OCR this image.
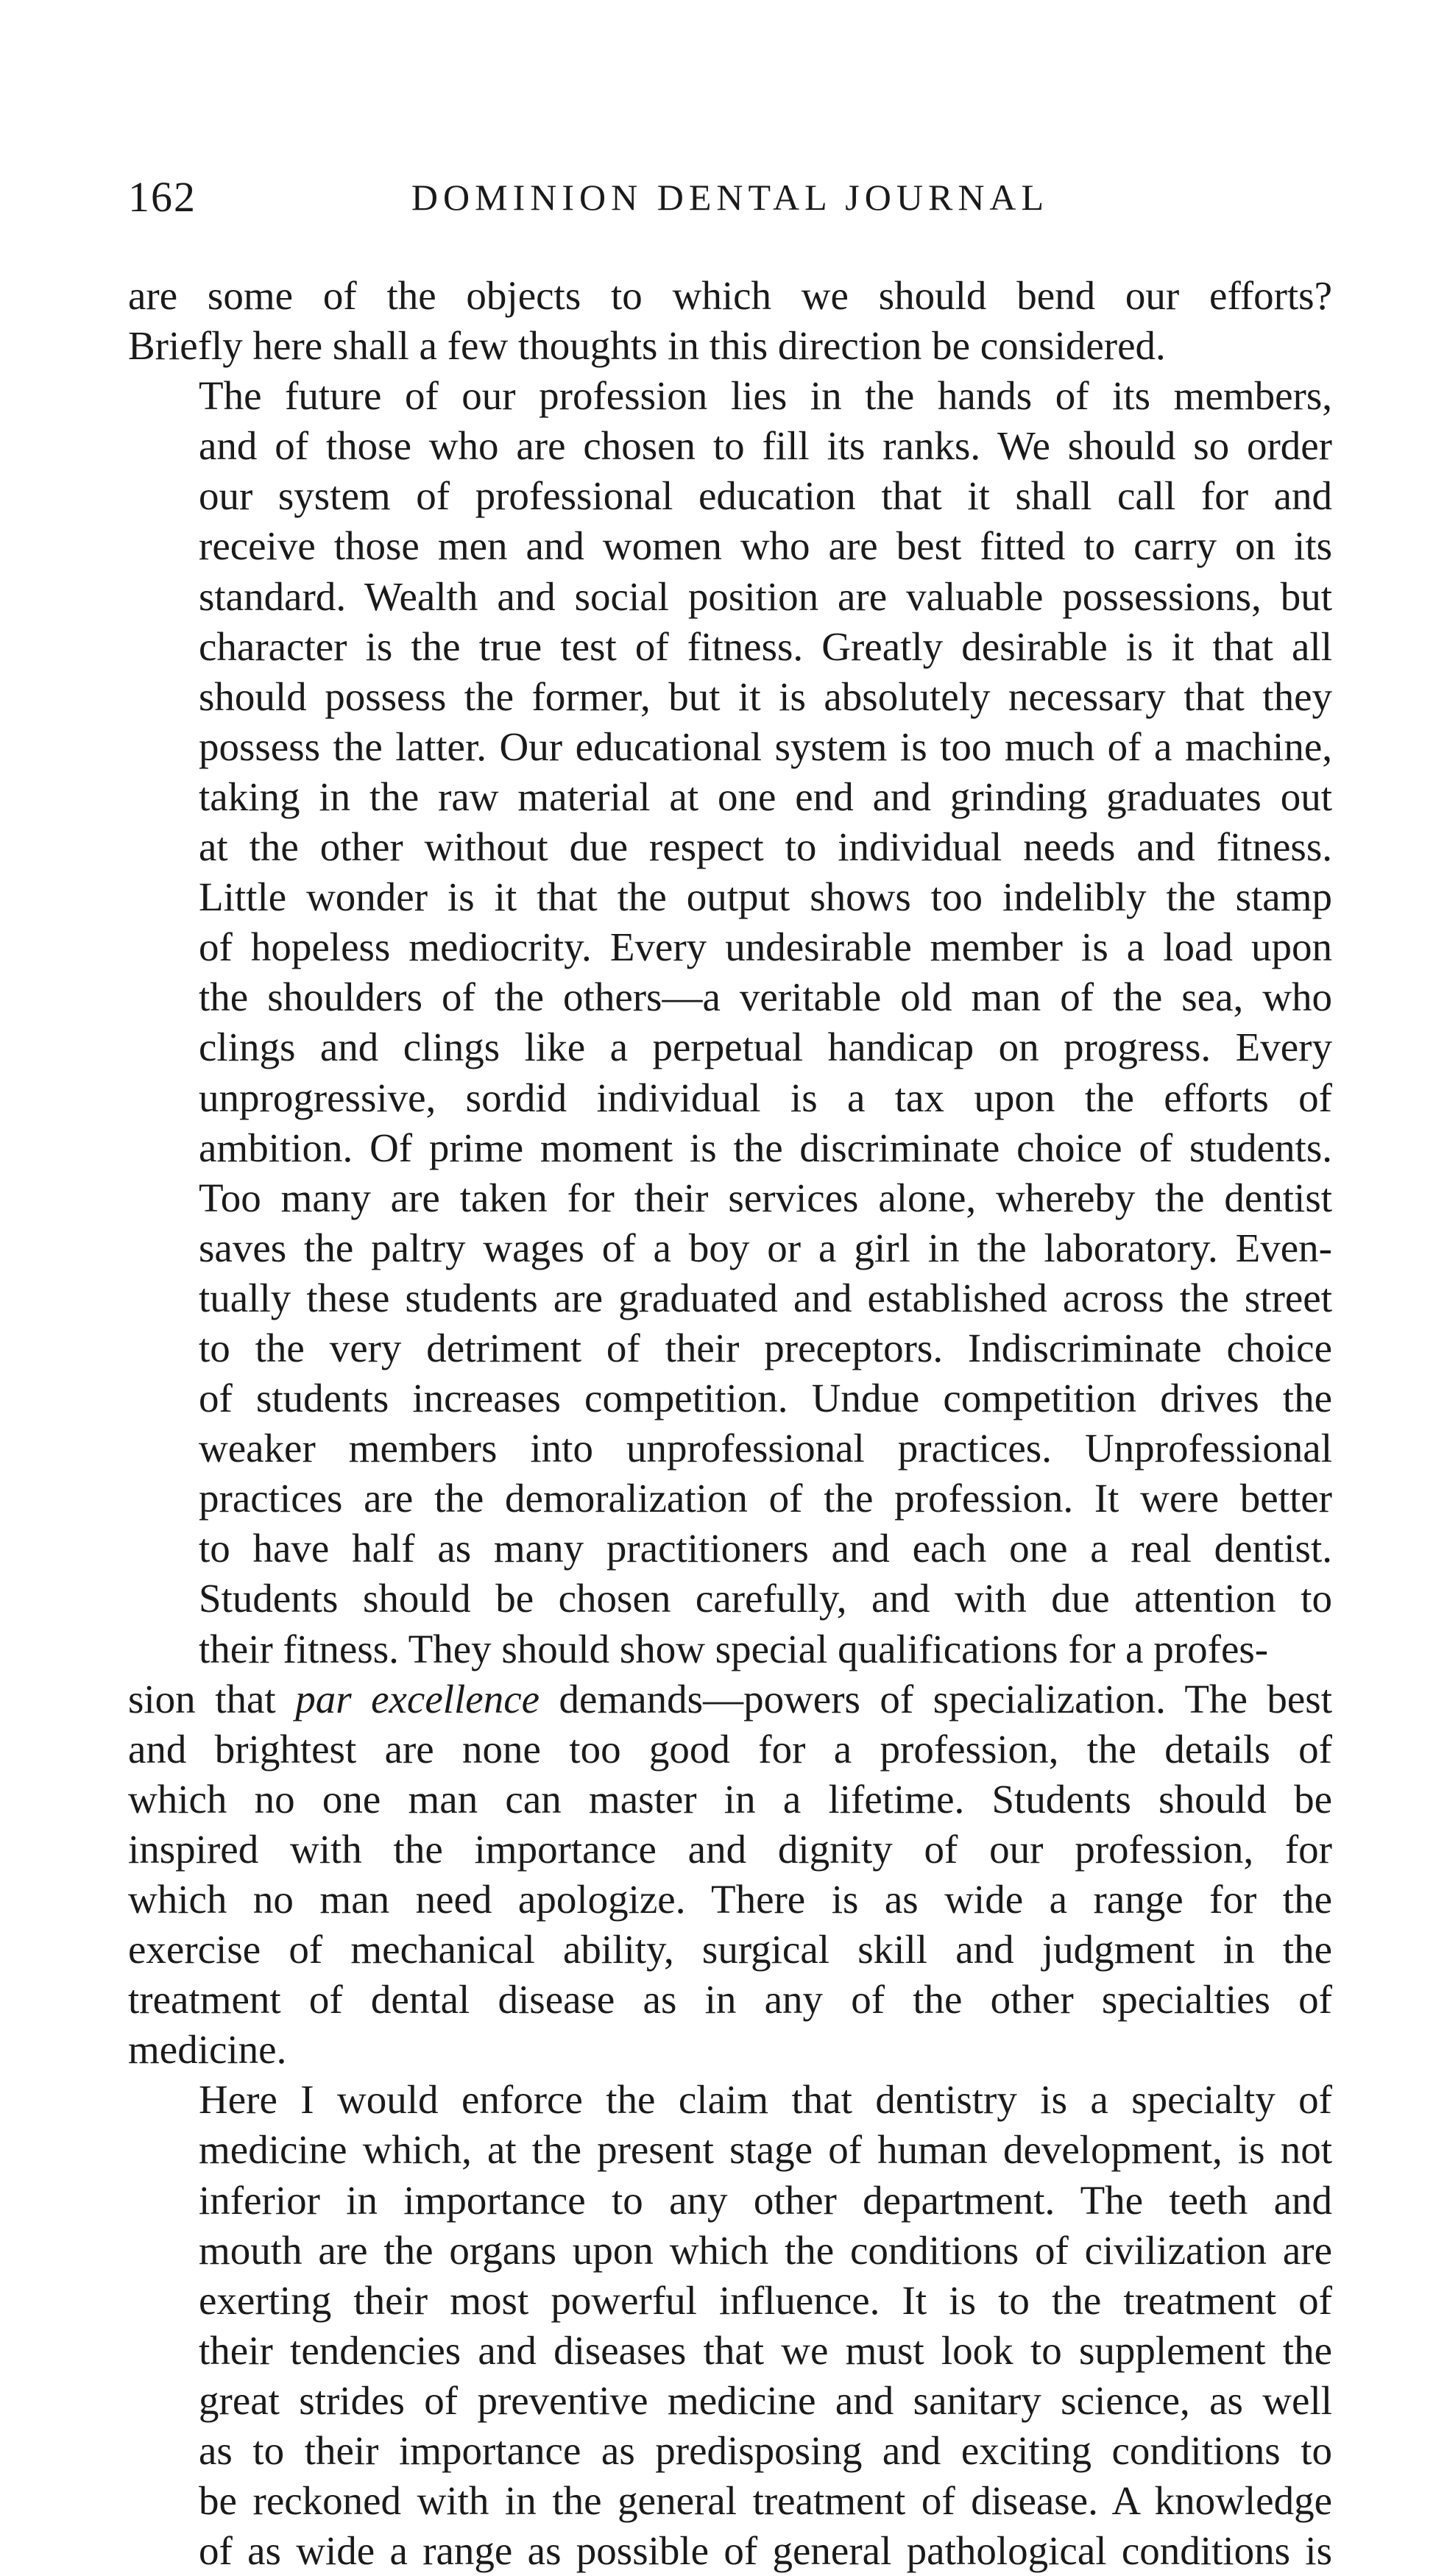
162	DOMINION DENTAL JOURNAL

are some of the objects to which we should bend our efforts?
Briefly here shall a few thoughts in this direction be considered.

The future of our profession lies in the hands of its members,
and of those who are chosen to fill its ranks. We should so order
our system of professional education that it shall call for and
receive those men and women who are best fitted to carry on its
standard. Wealth and social position are valuable possessions, but
character is the true test of fitness. Greatly desirable is it that all
should possess the former, but it is absolutely necessary that they
possess the latter. Our educational system is too much of a machine,
taking in the raw material at one end and grinding graduates out
at the other without due respect to individual needs and fitness.
Little wonder is it that the output shows too indelibly the stamp
of hopeless mediocrity. Every undesirable member is a load upon
the shoulders of the others—a veritable old man of the sea, who
clings and clings like a perpetual handicap on progress. Every
unprogressive, sordid individual is a tax upon the efforts of
ambition. Of prime moment is the discriminate choice of students.
Too many are taken for their services alone, whereby the dentist
saves the paltry wages of a boy or a girl in the laboratory. Even-
tually these students are graduated and established across the street
to the very detriment of their preceptors. Indiscriminate choice
of students increases competition. Undue competition drives the
weaker members into unprofessional practices. Unprofessional
practices are the demoralization of the profession. It were better
to have half as many practitioners and each one a real dentist.
Students should be chosen carefully, and with due attention to
their fitness. They should show special qualifications for a profes-

sion that par excellence demands—powers of specialization. The best
and brightest are none too good for a profession, the details of
which no one man can master in a lifetime. Students should be
inspired with the importance and dignity of our profession, for
which no man need apologize. There is as wide a range for the
exercise of mechanical ability, surgical skill and judgment in the
treatment of dental disease as in any of the other specialties of
medicine.

Here I would enforce the claim that dentistry is a specialty of
medicine which, at the present stage of human development, is not
inferior in importance to any other department. The teeth and
mouth are the organs upon which the conditions of civilization are
exerting their most powerful influence. It is to the treatment of
their tendencies and diseases that we must look to supplement the
great strides of preventive medicine and sanitary science, as well
as to their importance as predisposing and exciting conditions to
be reckoned with in the general treatment of disease. A knowledge
of as wide a range as possible of general pathological conditions is
